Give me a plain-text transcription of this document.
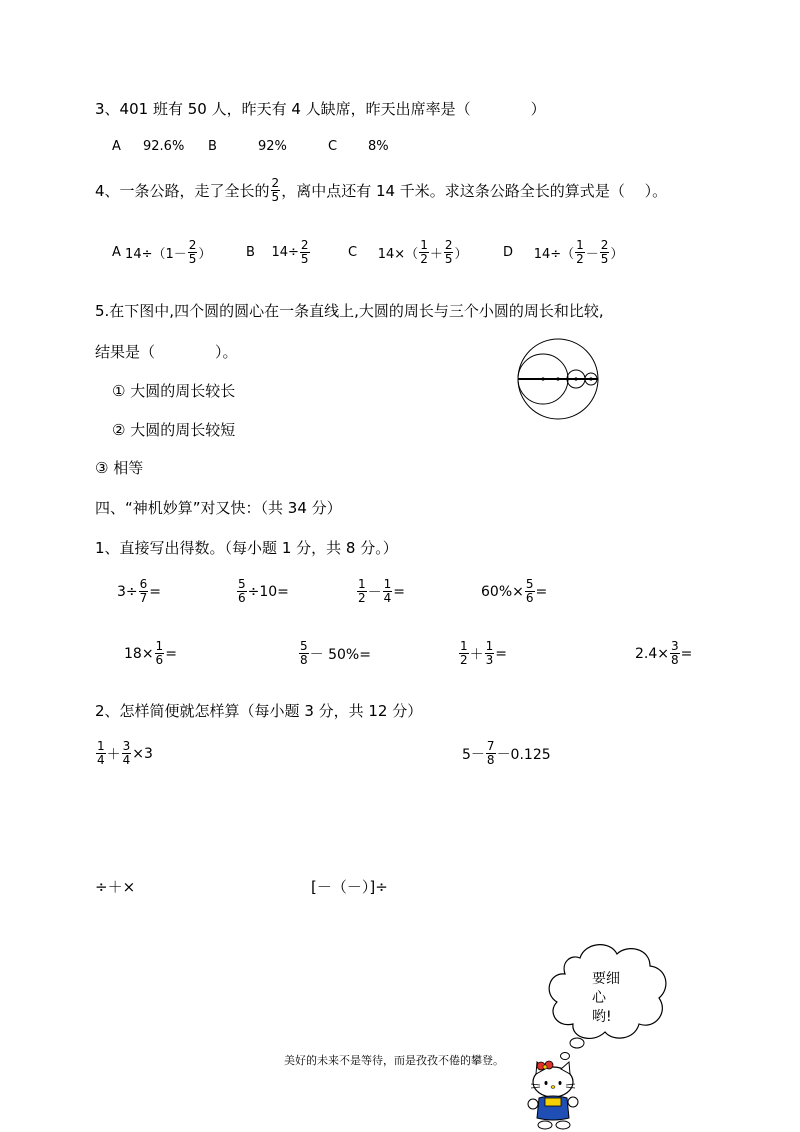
3、401 班有 50 人，昨天有 4 人缺席，昨天出席率是（　　　　）
A 92.6% B	92%	C 8%
4、一条公路，走了全长的 $\frac{2}{5}$ ，离中点还有 14 千米。求这条公路全长的算式是（　 ）。
A
$14\div(1- \frac{2}{5}$ ）	B
$14\div \frac{2}{5}$	C
$14\times( \frac{1}{2} + \frac{2}{5}$ ）	D
$14\div( \frac{1}{2} - \frac{2}{5}$ ）
5.在下图中,四个圆的圆心在一条直线上,大圆的周长与三个小圆的周长和比较,
结果是（　　　　）。
① 大圆的周长较长
② 大圆的周长较短
③ 相等
四、“神机妙算”对又快：（共 34 分）
1、直接写出得数。（每小题 1 分，共 8 分。）
$3\div \frac{6}{7}$ =	$\frac{5}{6} \div 10=$	$\frac{1}{2} - \frac{1}{4}$ =	$60\%\times \frac{5}{6}$ =
$18\times \frac{1}{6}$ =	$\frac{5}{8} - 50\%=$	$\frac{1}{2} + \frac{1}{3}$ =	$2.4\times \frac{3}{8}$ =
2、怎样简便就怎样算（每小题 3 分，共 12 分）
$\frac{1}{4} + \frac{3}{4} \times 3$	$5- \frac{7}{8} -0.125$
÷＋×	[－（－）]÷
要细
心
哟!
美好的未来不是等待，而是孜孜不倦的攀登。
